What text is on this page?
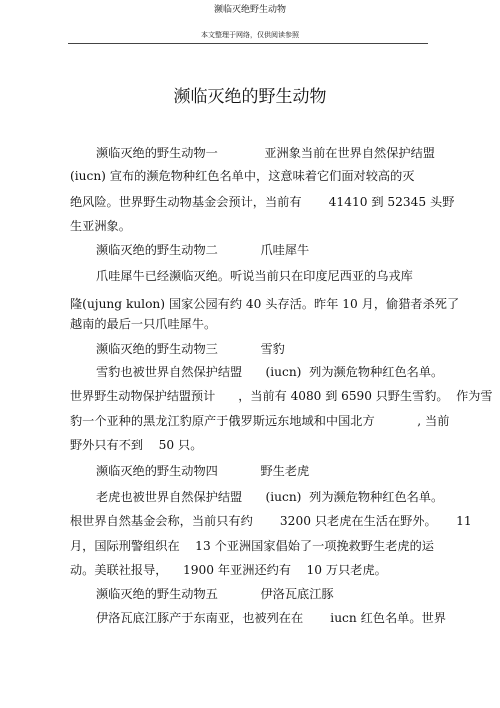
濒临灭绝野生动物
本文整理于网络，仅供阅读参照
濒临灭绝的野生动物
濒临灭绝的野生动物一            亚洲象当前在世界自然保护结盟
(iucn) 宣布的濒危物种红色名单中，这意味着它们面对较高的灭
绝风险。世界野生动物基金会预计，当前有       41410 到 52345 头野
生亚洲象。
濒临灭绝的野生动物二           爪哇犀牛
爪哇犀牛已经濒临灭绝。听说当前只在印度尼西亚的乌戎库
隆(ujung kulon) 国家公园有约 40 头存活。昨年 10 月，偷猎者杀死了
越南的最后一只爪哇犀牛。
濒临灭绝的野生动物三           雪豹
雪豹也被世界自然保护结盟      (iucn)  列为濒危物种红色名单。
世界野生动物保护结盟预计      ，当前有 4080 到 6590 只野生雪豹。  作为雪
豹一个亚种的黑龙江豹原产于俄罗斯远东地域和中国北方           , 当前
野外只有不到    50 只。
濒临灭绝的野生动物四           野生老虎
老虎也被世界自然保护结盟      (iucn)  列为濒危物种红色名单。
根世界自然基金会称，当前只有约       3200 只老虎在生活在野外。     11
月，国际刑警组织在    13 个亚洲国家倡始了一项挽救野生老虎的运
动。美联社报导，    1900 年亚洲还约有    10 万只老虎。
濒临灭绝的野生动物五           伊洛瓦底江豚
伊洛瓦底江豚产于东南亚，也被列在在       iucn 红色名单。世界
